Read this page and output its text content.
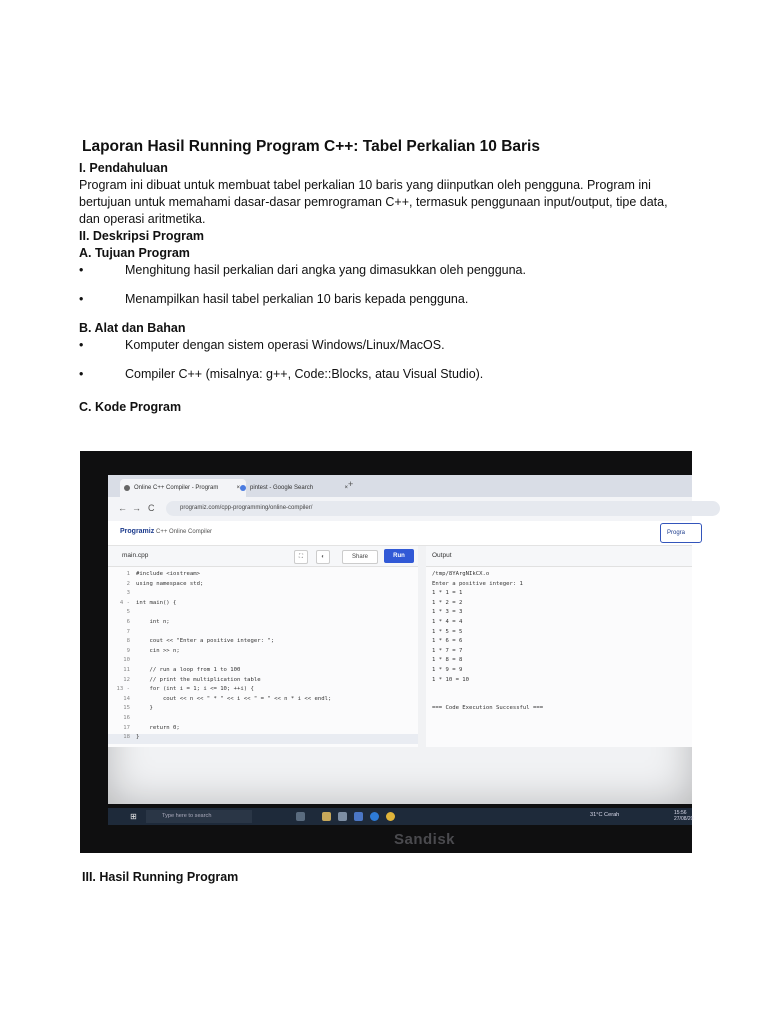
Laporan Hasil Running Program C++: Tabel Perkalian 10 Baris
I. Pendahuluan
Program ini dibuat untuk membuat tabel perkalian 10 baris yang diinputkan oleh pengguna. Program ini bertujuan untuk memahami dasar-dasar pemrograman C++, termasuk penggunaan input/output, tipe data, dan operasi aritmetika.
II. Deskripsi Program
A. Tujuan Program
•	Menghitung hasil perkalian dari angka yang dimasukkan oleh pengguna.
•	Menampilkan hasil tabel perkalian 10 baris kepada pengguna.
B. Alat dan Bahan
•	Komputer dengan sistem operasi Windows/Linux/MacOS.
•	Compiler C++ (misalnya: g++, Code::Blocks, atau Visual Studio).
C. Kode Program
Online C++ Compiler - Program	×	pintest - Google Search	× +
← → C	programiz.com/cpp-programming/online-compiler/
Programiz C++ Online Compiler	Progra
main.cpp	⛶	◐	Share	Run	Output
1 #include <iostream>
2 using namespace std;
3
4 - int main() {
5
6 int n;
7
8 cout << "Enter a positive integer: ";
9 cin >> n;
10
11 // run a loop from 1 to 100
12 // print the multiplication table
13 - for (int i = 1; i <= 10; ++i) {
14 cout << n << " * " << i << " = " << n * i << endl;
15 }
16
17 return 0;
18 }
/tmp/8YArgNIkCX.o
Enter a positive integer: 1
1 * 1 = 1
1 * 2 = 2
1 * 3 = 3
1 * 4 = 4
1 * 5 = 5
1 * 6 = 6
1 * 7 = 7
1 * 8 = 8
1 * 9 = 9
1 * 10 = 10
=== Code Execution Successful ===
⊞	Type here to search	31°C Cerah	15:56
27/08/20
Sandisk
III. Hasil Running Program
